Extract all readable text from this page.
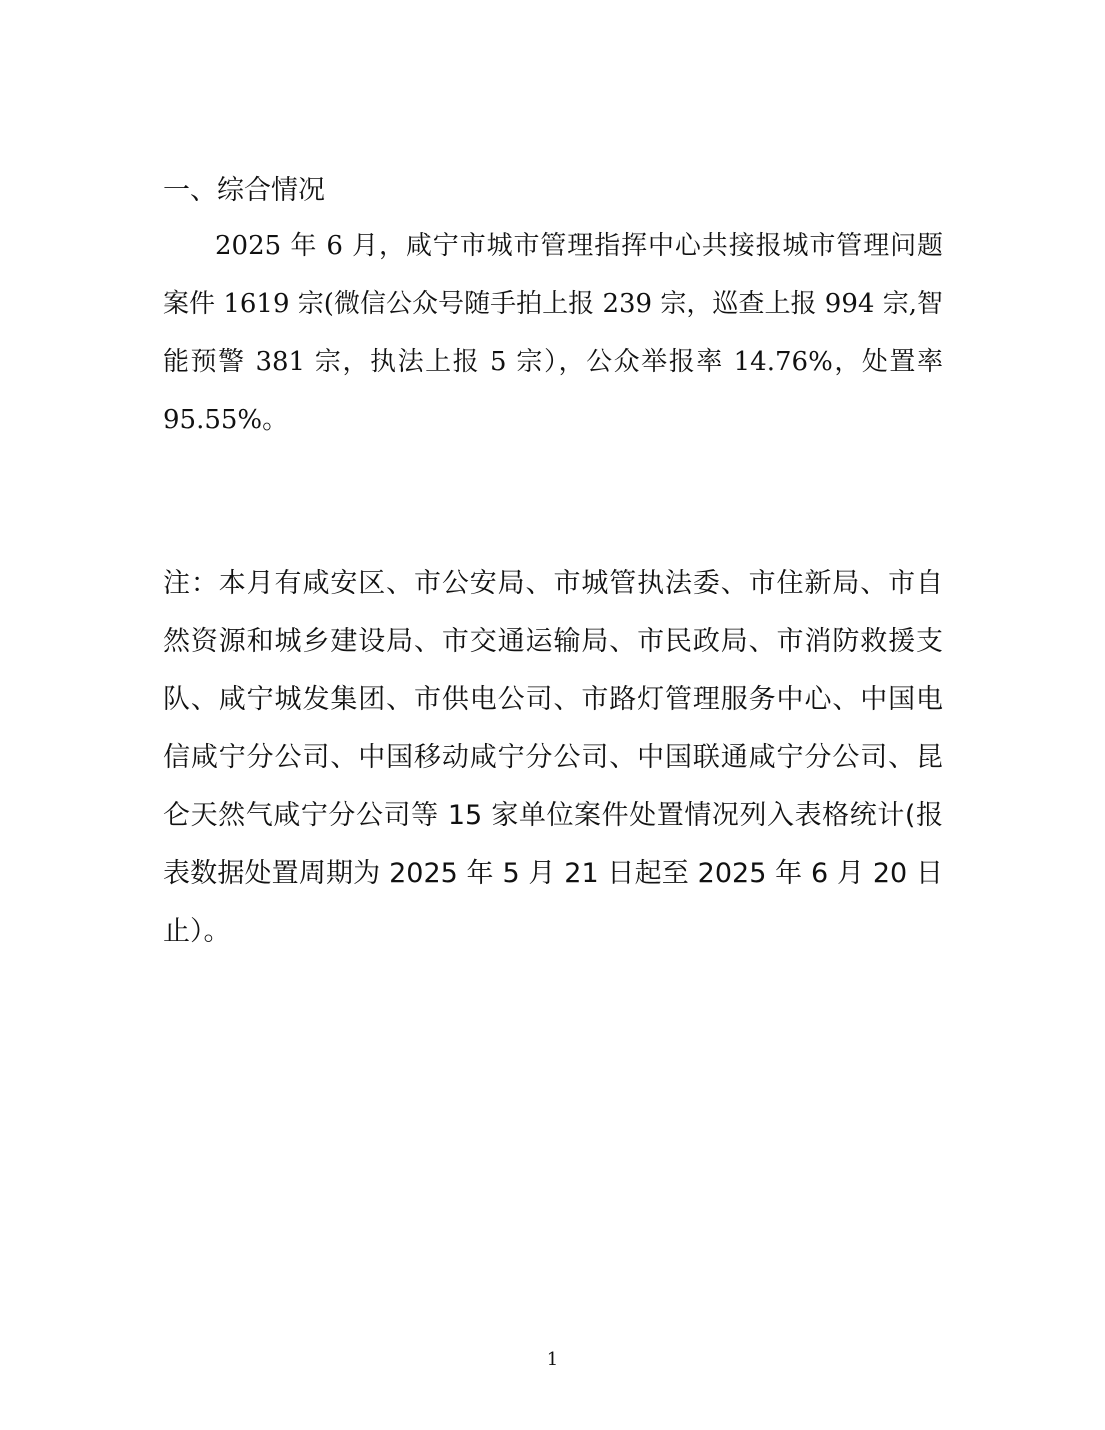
一、综合情况

2025 年 6 月，咸宁市城市管理指挥中心共接报城市管理问题案件 1619 宗(微信公众号随手拍上报 239 宗，巡查上报 994 宗,智能预警 381 宗，执法上报 5 宗），公众举报率 14.76%，处置率 95.55%。

注：本月有咸安区、市公安局、市城管执法委、市住新局、市自然资源和城乡建设局、市交通运输局、市民政局、市消防救援支队、咸宁城发集团、市供电公司、市路灯管理服务中心、中国电信咸宁分公司、中国移动咸宁分公司、中国联通咸宁分公司、昆仑天然气咸宁分公司等 15 家单位案件处置情况列入表格统计(报表数据处置周期为 2025 年 5 月 21 日起至 2025 年 6 月 20 日止）。

1
